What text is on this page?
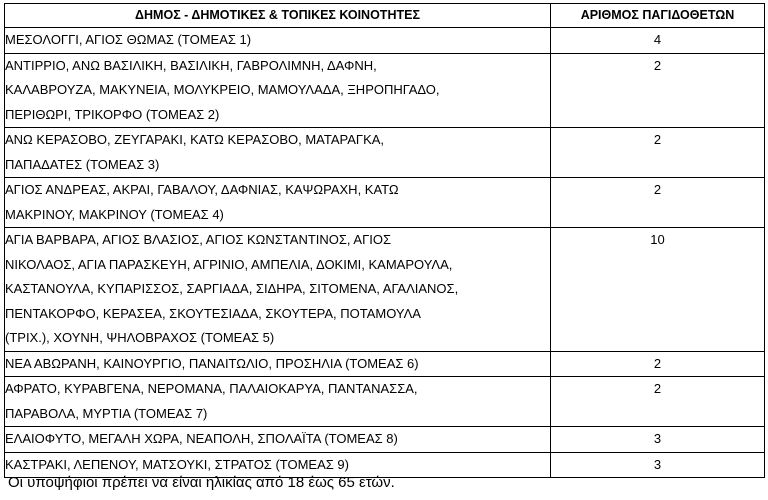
ΔΗΜΟΣ - ΔΗΜΟΤΙΚΕΣ & ΤΟΠΙΚΕΣ ΚΟΙΝΟΤΗΤΕΣ	ΑΡΙΘΜΟΣ ΠΑΓΙΔΟΘΕΤΩΝ

ΜΕΣΟΛΟΓΓΙ, ΑΓΙΟΣ ΘΩΜΑΣ (ΤΟΜΕΑΣ 1)	4

ΑΝΤΙΡΡΙΟ, ΑΝΩ ΒΑΣΙΛΙΚΗ, ΒΑΣΙΛΙΚΗ, ΓΑΒΡΟΛΙΜΝΗ, ΔΑΦΝΗ,
ΚΑΛΑΒΡΟΥΖΑ, ΜΑΚΥΝΕΙΑ, ΜΟΛΥΚΡΕΙΟ, ΜΑΜΟΥΛΑΔΑ, ΞΗΡΟΠΗΓΑΔΟ,
ΠΕΡΙΘΩΡΙ, ΤΡΙΚΟΡΦΟ (ΤΟΜΕΑΣ 2)	2

ΑΝΩ ΚΕΡΑΣΟΒΟ, ΖΕΥΓΑΡΑΚΙ, ΚΑΤΩ ΚΕΡΑΣΟΒΟ, ΜΑΤΑΡΑΓΚΑ,
ΠΑΠΑΔΑΤΕΣ (ΤΟΜΕΑΣ 3)	2

ΑΓΙΟΣ ΑΝΔΡΕΑΣ, ΑΚΡΑΙ, ΓΑΒΑΛΟΥ, ΔΑΦΝΙΑΣ, ΚΑΨΩΡΑΧΗ, ΚΑΤΩ
ΜΑΚΡΙΝΟΥ, ΜΑΚΡΙΝΟΥ (ΤΟΜΕΑΣ 4)	2

ΑΓΙΑ ΒΑΡΒΑΡΑ, ΑΓΙΟΣ ΒΛΑΣΙΟΣ, ΑΓΙΟΣ ΚΩΝΣΤΑΝΤΙΝΟΣ, ΑΓΙΟΣ
ΝΙΚΟΛΑΟΣ, ΑΓΙΑ ΠΑΡΑΣΚΕΥΗ, ΑΓΡΙΝΙΟ, ΑΜΠΕΛΙΑ, ΔΟΚΙΜΙ, ΚΑΜΑΡΟΥΛΑ,
ΚΑΣΤΑΝΟΥΛΑ, ΚΥΠΑΡΙΣΣΟΣ, ΣΑΡΓΙΑΔΑ, ΣΙΔΗΡΑ, ΣΙΤΟΜΕΝΑ, ΑΓΑΛΙΑΝΟΣ,
ΠΕΝΤΑΚΟΡΦΟ, ΚΕΡΑΣΕΑ, ΣΚΟΥΤΕΣΙΑΔΑ, ΣΚΟΥΤΕΡΑ, ΠΟΤΑΜΟΥΛΑ
(ΤΡΙΧ.), ΧΟΥΝΗ, ΨΗΛΟΒΡΑΧΟΣ (ΤΟΜΕΑΣ 5)	10

ΝΕΑ ΑΒΩΡΑΝΗ, ΚΑΙΝΟΥΡΓΙΟ, ΠΑΝΑΙΤΩΛΙΟ, ΠΡΟΣΗΛΙΑ (ΤΟΜΕΑΣ 6)	2

ΑΦΡΑΤΟ, ΚΥΡΑΒΓΕΝΑ, ΝΕΡΟΜΑΝΑ, ΠΑΛΑΙΟΚΑΡΥΑ, ΠΑΝΤΑΝΑΣΣΑ,
ΠΑΡΑΒΟΛΑ, ΜΥΡΤΙΑ (ΤΟΜΕΑΣ 7)	2

ΕΛΑΙΟΦΥΤΟ, ΜΕΓΑΛΗ ΧΩΡΑ, ΝΕΑΠΟΛΗ, ΣΠΟΛΑΪΤΑ (ΤΟΜΕΑΣ 8)	3

ΚΑΣΤΡΑΚΙ, ΛΕΠΕΝΟΥ, ΜΑΤΣΟΥΚΙ, ΣΤΡΑΤΟΣ (ΤΟΜΕΑΣ 9)	3
Οι υποψήφιοι πρέπει να είναι ηλικίας από 18 έως 65 ετών.
